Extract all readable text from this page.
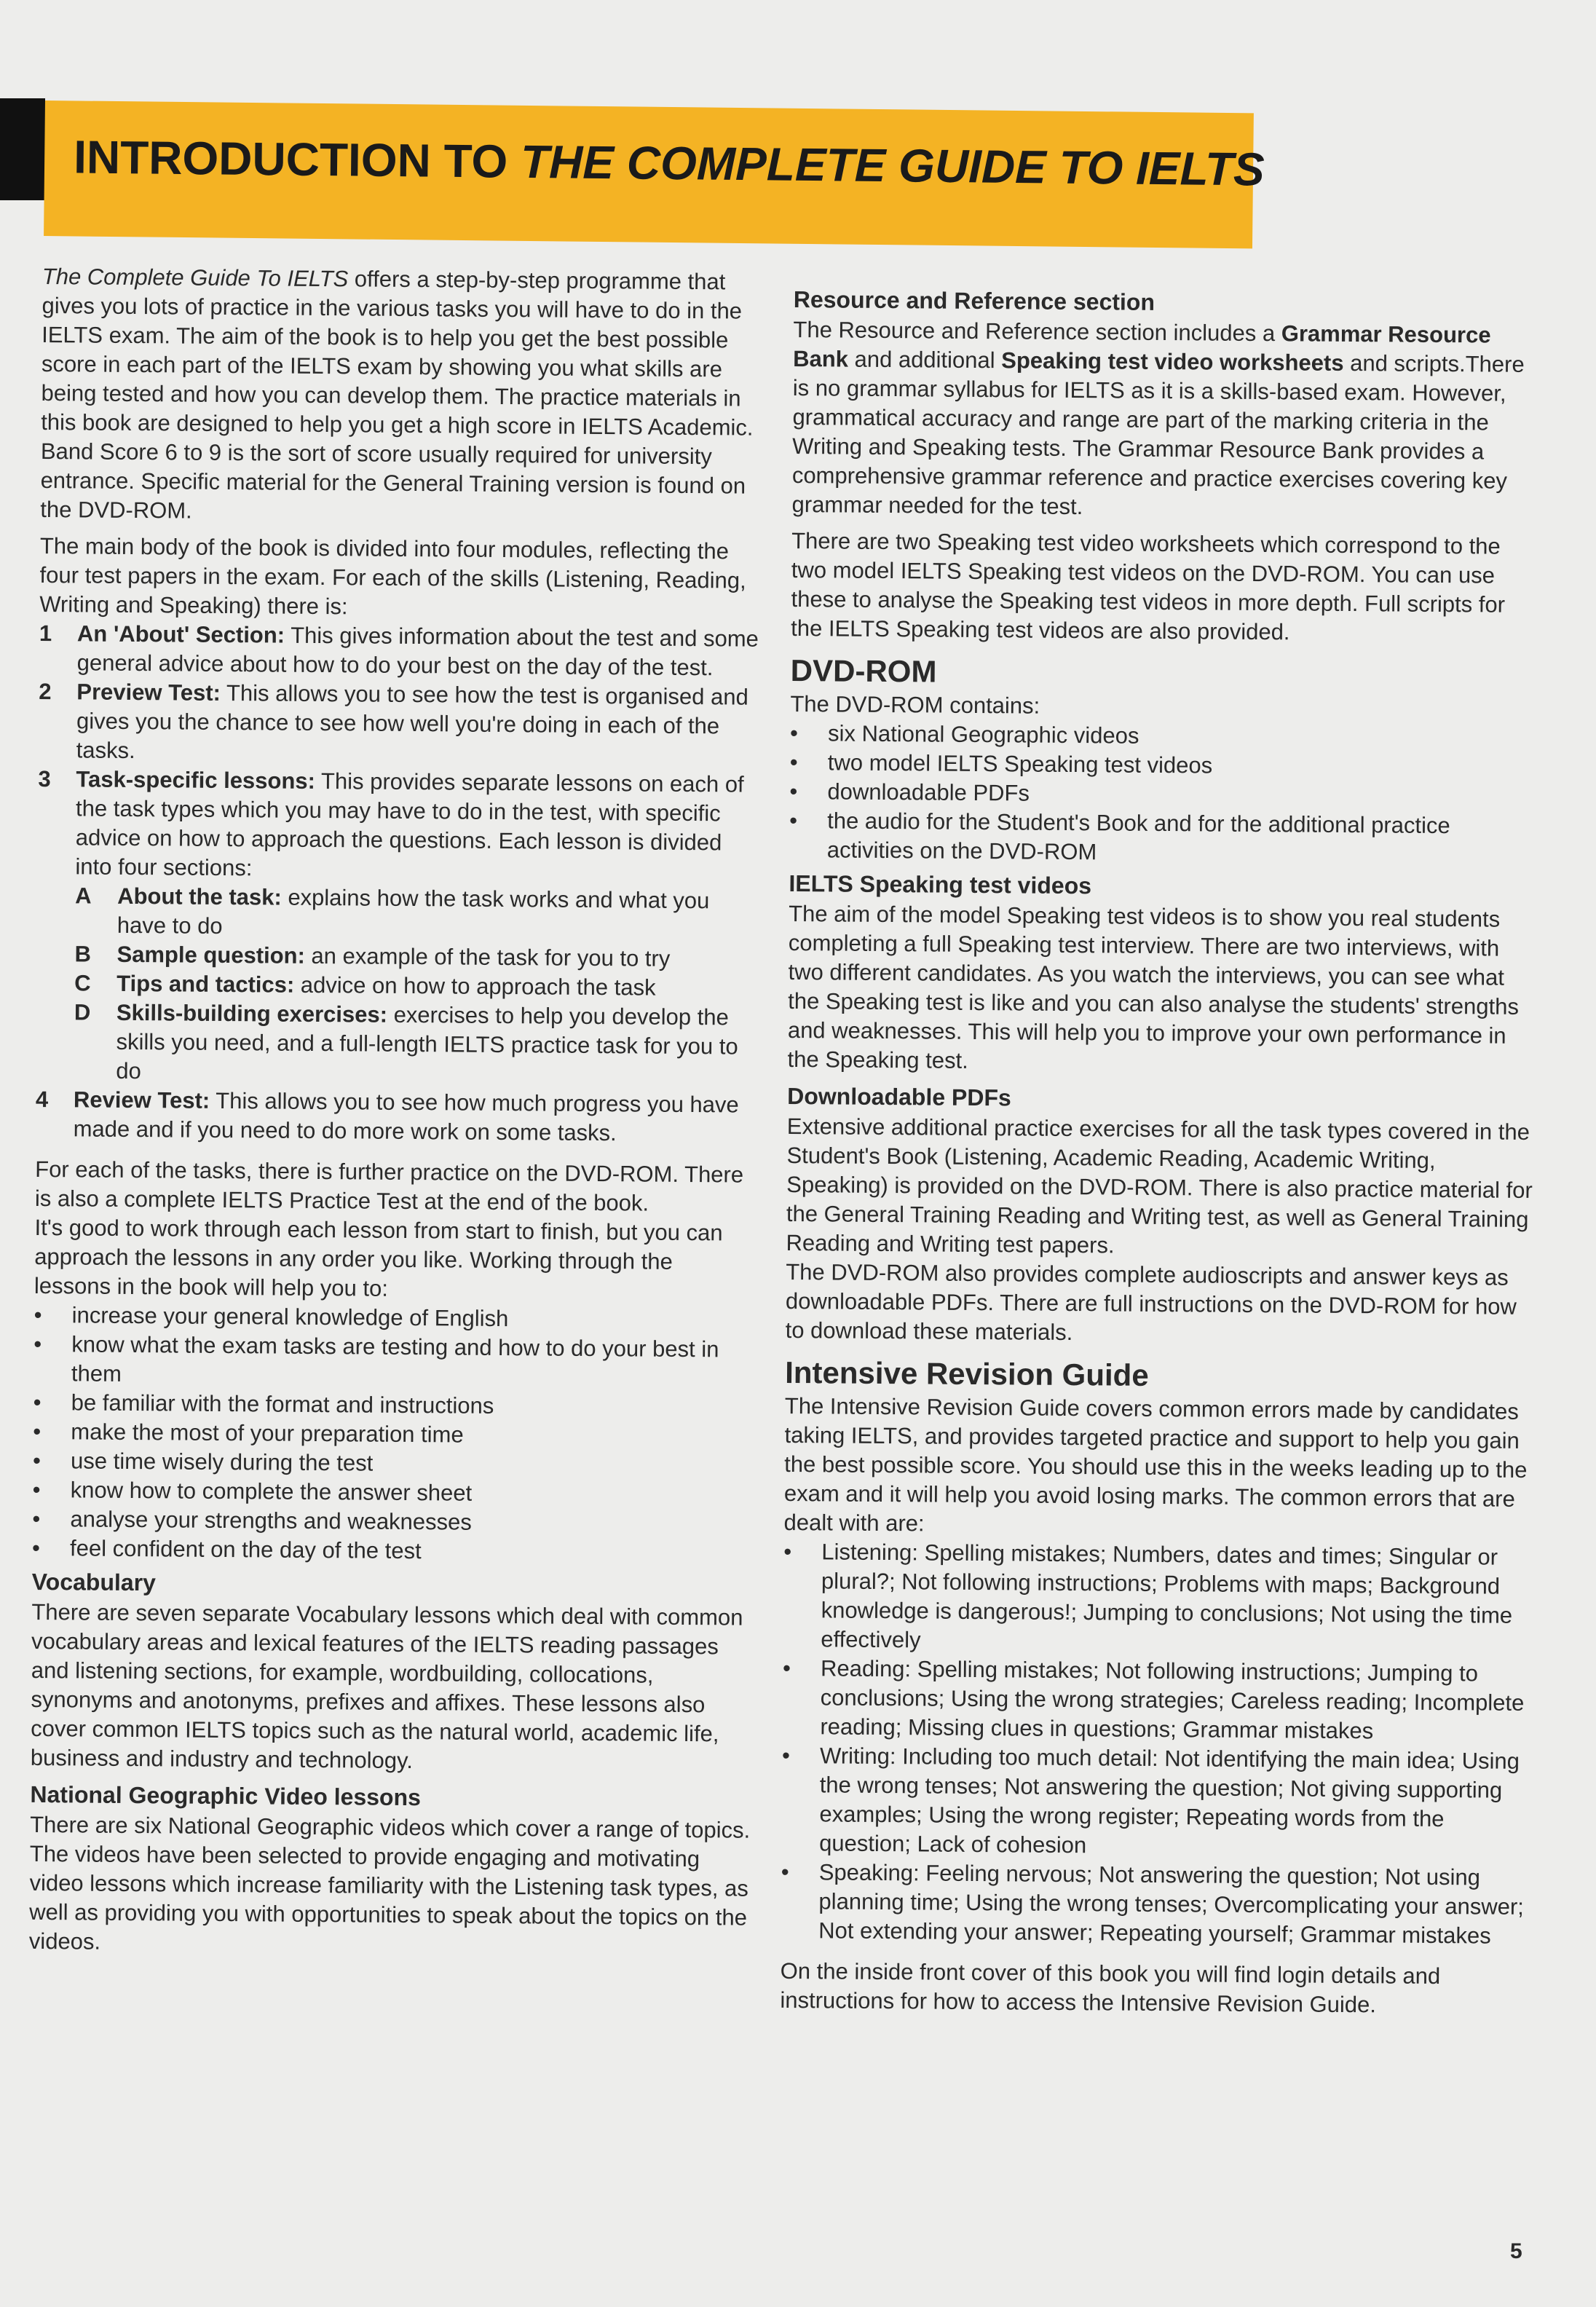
INTRODUCTION TO THE COMPLETE GUIDE TO IELTS
The Complete Guide To IELTS offers a step-by-step programme that gives you lots of practice in the various tasks you will have to do in the IELTS exam. The aim of the book is to help you get the best possible score in each part of the IELTS exam by showing you what skills are being tested and how you can develop them. The practice materials in this book are designed to help you get a high score in IELTS Academic. Band Score 6 to 9 is the sort of score usually required for university entrance. Specific material for the General Training version is found on the DVD-ROM.
The main body of the book is divided into four modules, reflecting the four test papers in the exam. For each of the skills (Listening, Reading, Writing and Speaking) there is:
1	An 'About' Section: This gives information about the test and some general advice about how to do your best on the day of the test.
2	Preview Test: This allows you to see how the test is organised and gives you the chance to see how well you're doing in each of the tasks.
3	Task-specific lessons: This provides separate lessons on each of the task types which you may have to do in the test, with specific advice on how to approach the questions. Each lesson is divided into four sections:
A	About the task: explains how the task works and what you have to do
B	Sample question: an example of the task for you to try
C	Tips and tactics: advice on how to approach the task
D	Skills-building exercises: exercises to help you develop the skills you need, and a full-length IELTS practice task for you to do
4	Review Test: This allows you to see how much progress you have made and if you need to do more work on some tasks.
For each of the tasks, there is further practice on the DVD-ROM. There is also a complete IELTS Practice Test at the end of the book.
It's good to work through each lesson from start to finish, but you can approach the lessons in any order you like. Working through the lessons in the book will help you to:
•	increase your general knowledge of English
•	know what the exam tasks are testing and how to do your best in them
•	be familiar with the format and instructions
•	make the most of your preparation time
•	use time wisely during the test
•	know how to complete the answer sheet
•	analyse your strengths and weaknesses
•	feel confident on the day of the test
Vocabulary
There are seven separate Vocabulary lessons which deal with common vocabulary areas and lexical features of the IELTS reading passages and listening sections, for example, wordbuilding, collocations, synonyms and anotonyms, prefixes and affixes. These lessons also cover common IELTS topics such as the natural world, academic life, business and industry and technology.
National Geographic Video lessons
There are six National Geographic videos which cover a range of topics. The videos have been selected to provide engaging and motivating video lessons which increase familiarity with the Listening task types, as well as providing you with opportunities to speak about the topics on the videos.
Resource and Reference section
The Resource and Reference section includes a Grammar Resource Bank and additional Speaking test video worksheets and scripts.There is no grammar syllabus for IELTS as it is a skills-based exam. However, grammatical accuracy and range are part of the marking criteria in the Writing and Speaking tests. The Grammar Resource Bank provides a comprehensive grammar reference and practice exercises covering key grammar needed for the test.
There are two Speaking test video worksheets which correspond to the two model IELTS Speaking test videos on the DVD-ROM. You can use these to analyse the Speaking test videos in more depth. Full scripts for the IELTS Speaking test videos are also provided.
DVD-ROM
The DVD-ROM contains:
•	six National Geographic videos
•	two model IELTS Speaking test videos
•	downloadable PDFs
•	the audio for the Student's Book and for the additional practice activities on the DVD-ROM
IELTS Speaking test videos
The aim of the model Speaking test videos is to show you real students completing a full Speaking test interview. There are two interviews, with two different candidates. As you watch the interviews, you can see what the Speaking test is like and you can also analyse the students' strengths and weaknesses. This will help you to improve your own performance in the Speaking test.
Downloadable PDFs
Extensive additional practice exercises for all the task types covered in the Student's Book (Listening, Academic Reading, Academic Writing, Speaking) is provided on the DVD-ROM. There is also practice material for the General Training Reading and Writing test, as well as General Training Reading and Writing test papers.
The DVD-ROM also provides complete audioscripts and answer keys as downloadable PDFs. There are full instructions on the DVD-ROM for how to download these materials.
Intensive Revision Guide
The Intensive Revision Guide covers common errors made by candidates taking IELTS, and provides targeted practice and support to help you gain the best possible score. You should use this in the weeks leading up to the exam and it will help you avoid losing marks. The common errors that are dealt with are:
•	Listening: Spelling mistakes; Numbers, dates and times; Singular or plural?; Not following instructions; Problems with maps; Background knowledge is dangerous!; Jumping to conclusions; Not using the time effectively
•	Reading: Spelling mistakes; Not following instructions; Jumping to conclusions; Using the wrong strategies; Careless reading; Incomplete reading; Missing clues in questions; Grammar mistakes
•	Writing: Including too much detail: Not identifying the main idea; Using the wrong tenses; Not answering the question; Not giving supporting examples; Using the wrong register; Repeating words from the question; Lack of cohesion
•	Speaking: Feeling nervous; Not answering the question; Not using planning time; Using the wrong tenses; Overcomplicating your answer; Not extending your answer; Repeating yourself; Grammar mistakes
On the inside front cover of this book you will find login details and instructions for how to access the Intensive Revision Guide.
5
